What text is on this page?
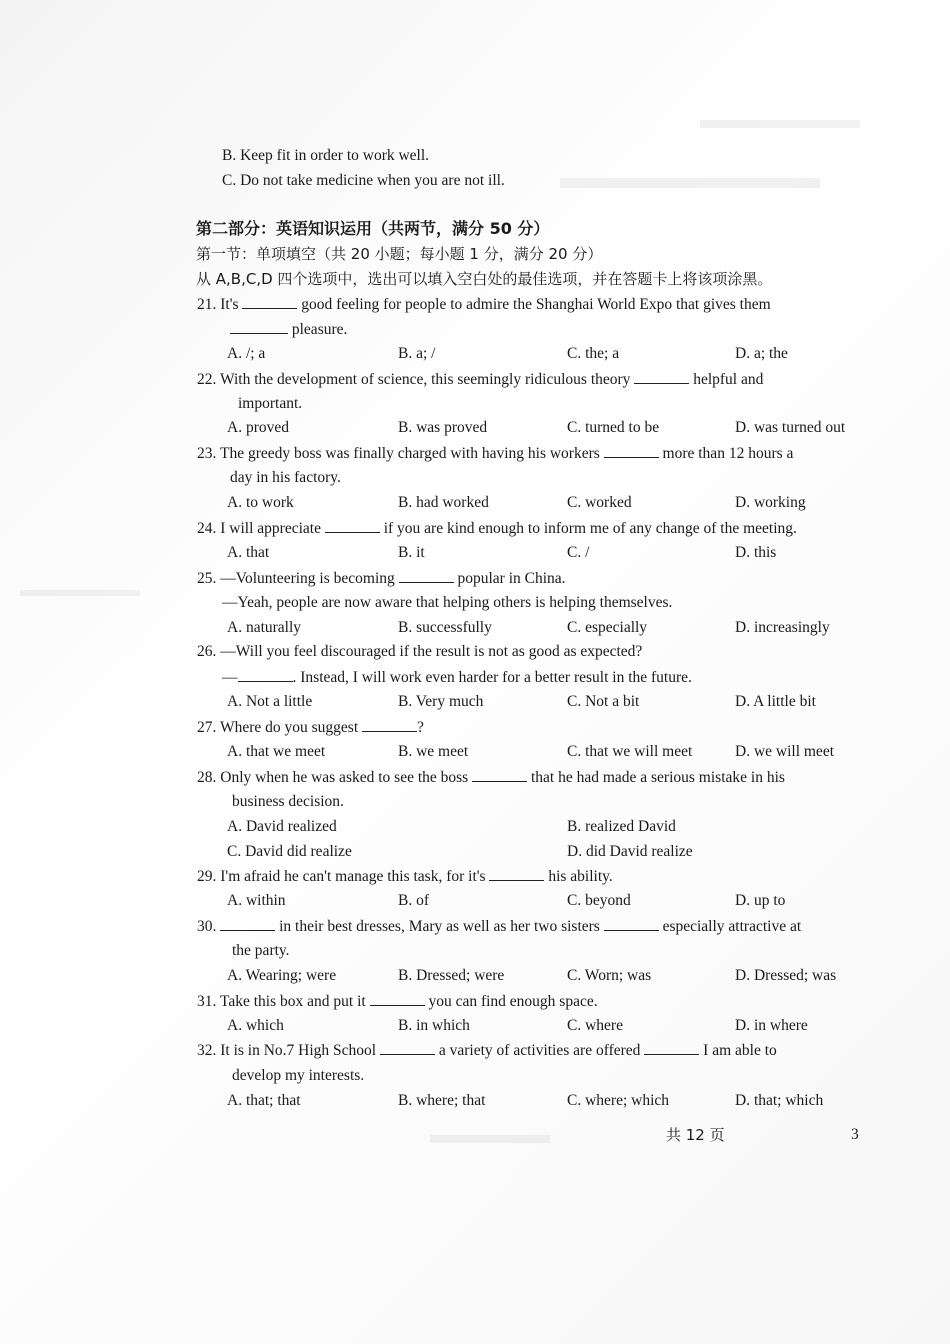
B. Keep fit in order to work well.
C. Do not take medicine when you are not ill.
第二部分：英语知识运用（共两节，满分 50 分）
第一节：单项填空（共 20 小题；每小题 1 分，满分 20 分）
从 A,B,C,D 四个选项中，选出可以填入空白处的最佳选项，并在答题卡上将该项涂黑。
21. It's	good feeling for people to admire the Shanghai World Expo that gives them
pleasure.
A. /; a	B. a; /	C. the; a	D. a; the
22. With the development of science, this seemingly ridiculous theory	helpful and
important.
A. proved	B. was proved	C. turned to be	D. was turned out
23. The greedy boss was finally charged with having his workers	more than 12 hours a
day in his factory.
A. to work	B. had worked	C. worked	D. working
24. I will appreciate	if you are kind enough to inform me of any change of the meeting.
A. that	B. it	C. /	D. this
25. —Volunteering is becoming	popular in China.
—Yeah, people are now aware that helping others is helping themselves.
A. naturally	B. successfully	C. especially	D. increasingly
26. —Will you feel discouraged if the result is not as good as expected?
—	. Instead, I will work even harder for a better result in the future.
A. Not a little	B. Very much	C. Not a bit	D. A little bit
27. Where do you suggest	?
A. that we meet	B. we meet	C. that we will meet	D. we will meet
28. Only when he was asked to see the boss	that he had made a serious mistake in his
business decision.
A. David realized	B. realized David
C. David did realize	D. did David realize
29. I'm afraid he can't manage this task, for it's	his ability.
A. within	B. of	C. beyond	D. up to
30.	in their best dresses, Mary as well as her two sisters	especially attractive at
the party.
A. Wearing; were	B. Dressed; were	C. Worn; was	D. Dressed; was
31. Take this box and put it	you can find enough space.
A. which	B. in which	C. where	D. in where
32. It is in No.7 High School	a variety of activities are offered	I am able to
develop my interests.
A. that; that	B. where; that	C. where; which	D. that; which
共 12 页	3
